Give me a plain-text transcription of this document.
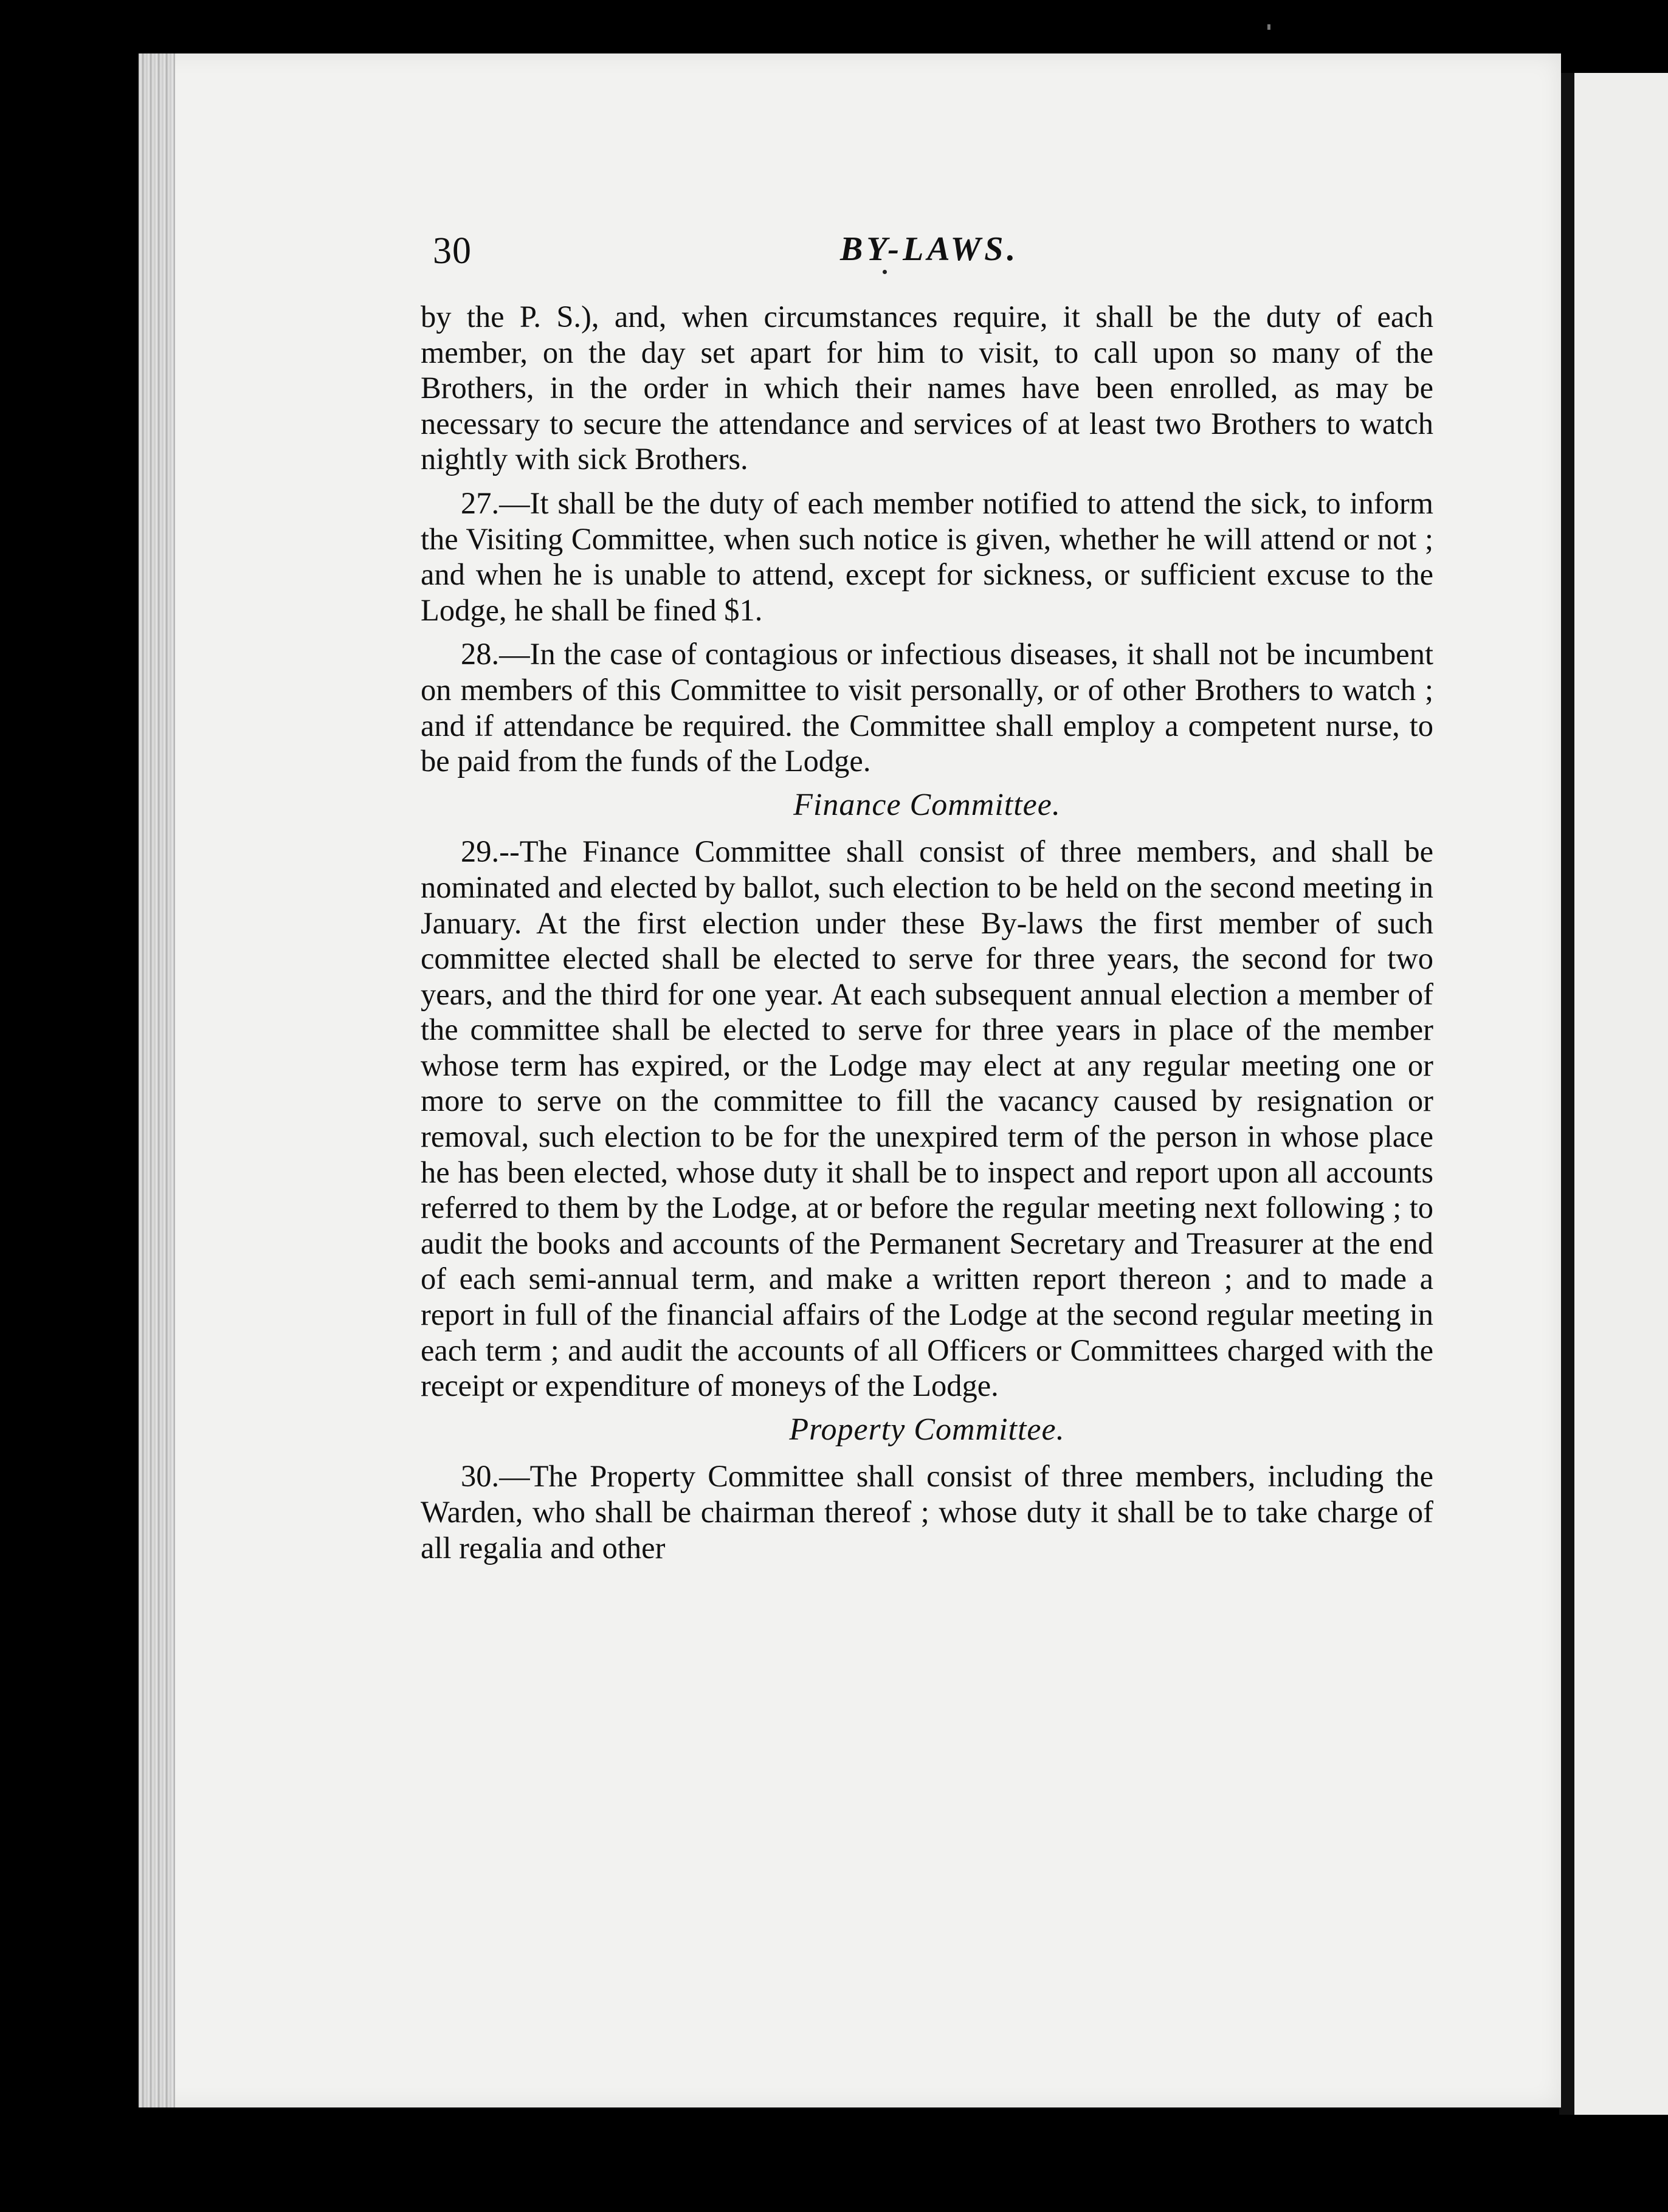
30	BY-LAWS.

by the P. S.), and, when circumstances require, it shall be the duty of each member, on the day set apart for him to visit, to call upon so many of the Brothers, in the order in which their names have been enrolled, as may be necessary to secure the attendance and services of at least two Brothers to watch nightly with sick Brothers.

27.—It shall be the duty of each member notified to attend the sick, to inform the Visiting Committee, when such notice is given, whether he will attend or not ; and when he is unable to attend, except for sickness, or sufficient excuse to the Lodge, he shall be fined $1.

28.—In the case of contagious or infectious diseases, it shall not be incumbent on members of this Committee to visit personally, or of other Brothers to watch ; and if attendance be required. the Committee shall employ a competent nurse, to be paid from the funds of the Lodge.

Finance Committee.

29.--The Finance Committee shall consist of three members, and shall be nominated and elected by ballot, such election to be held on the second meeting in January. At the first election under these By-laws the first member of such committee elected shall be elected to serve for three years, the second for two years, and the third for one year. At each subsequent annual election a member of the committee shall be elected to serve for three years in place of the member whose term has expired, or the Lodge may elect at any regular meeting one or more to serve on the committee to fill the vacancy caused by resignation or removal, such election to be for the unexpired term of the person in whose place he has been elected, whose duty it shall be to inspect and report upon all accounts referred to them by the Lodge, at or before the regular meeting next following ; to audit the books and accounts of the Permanent Secretary and Treasurer at the end of each semi-annual term, and make a written report thereon ; and to made a report in full of the financial affairs of the Lodge at the second regular meeting in each term ; and audit the accounts of all Officers or Committees charged with the receipt or expenditure of moneys of the Lodge.

Property Committee.

30.—The Property Committee shall consist of three members, including the Warden, who shall be chairman thereof ; whose duty it shall be to take charge of all regalia and other
